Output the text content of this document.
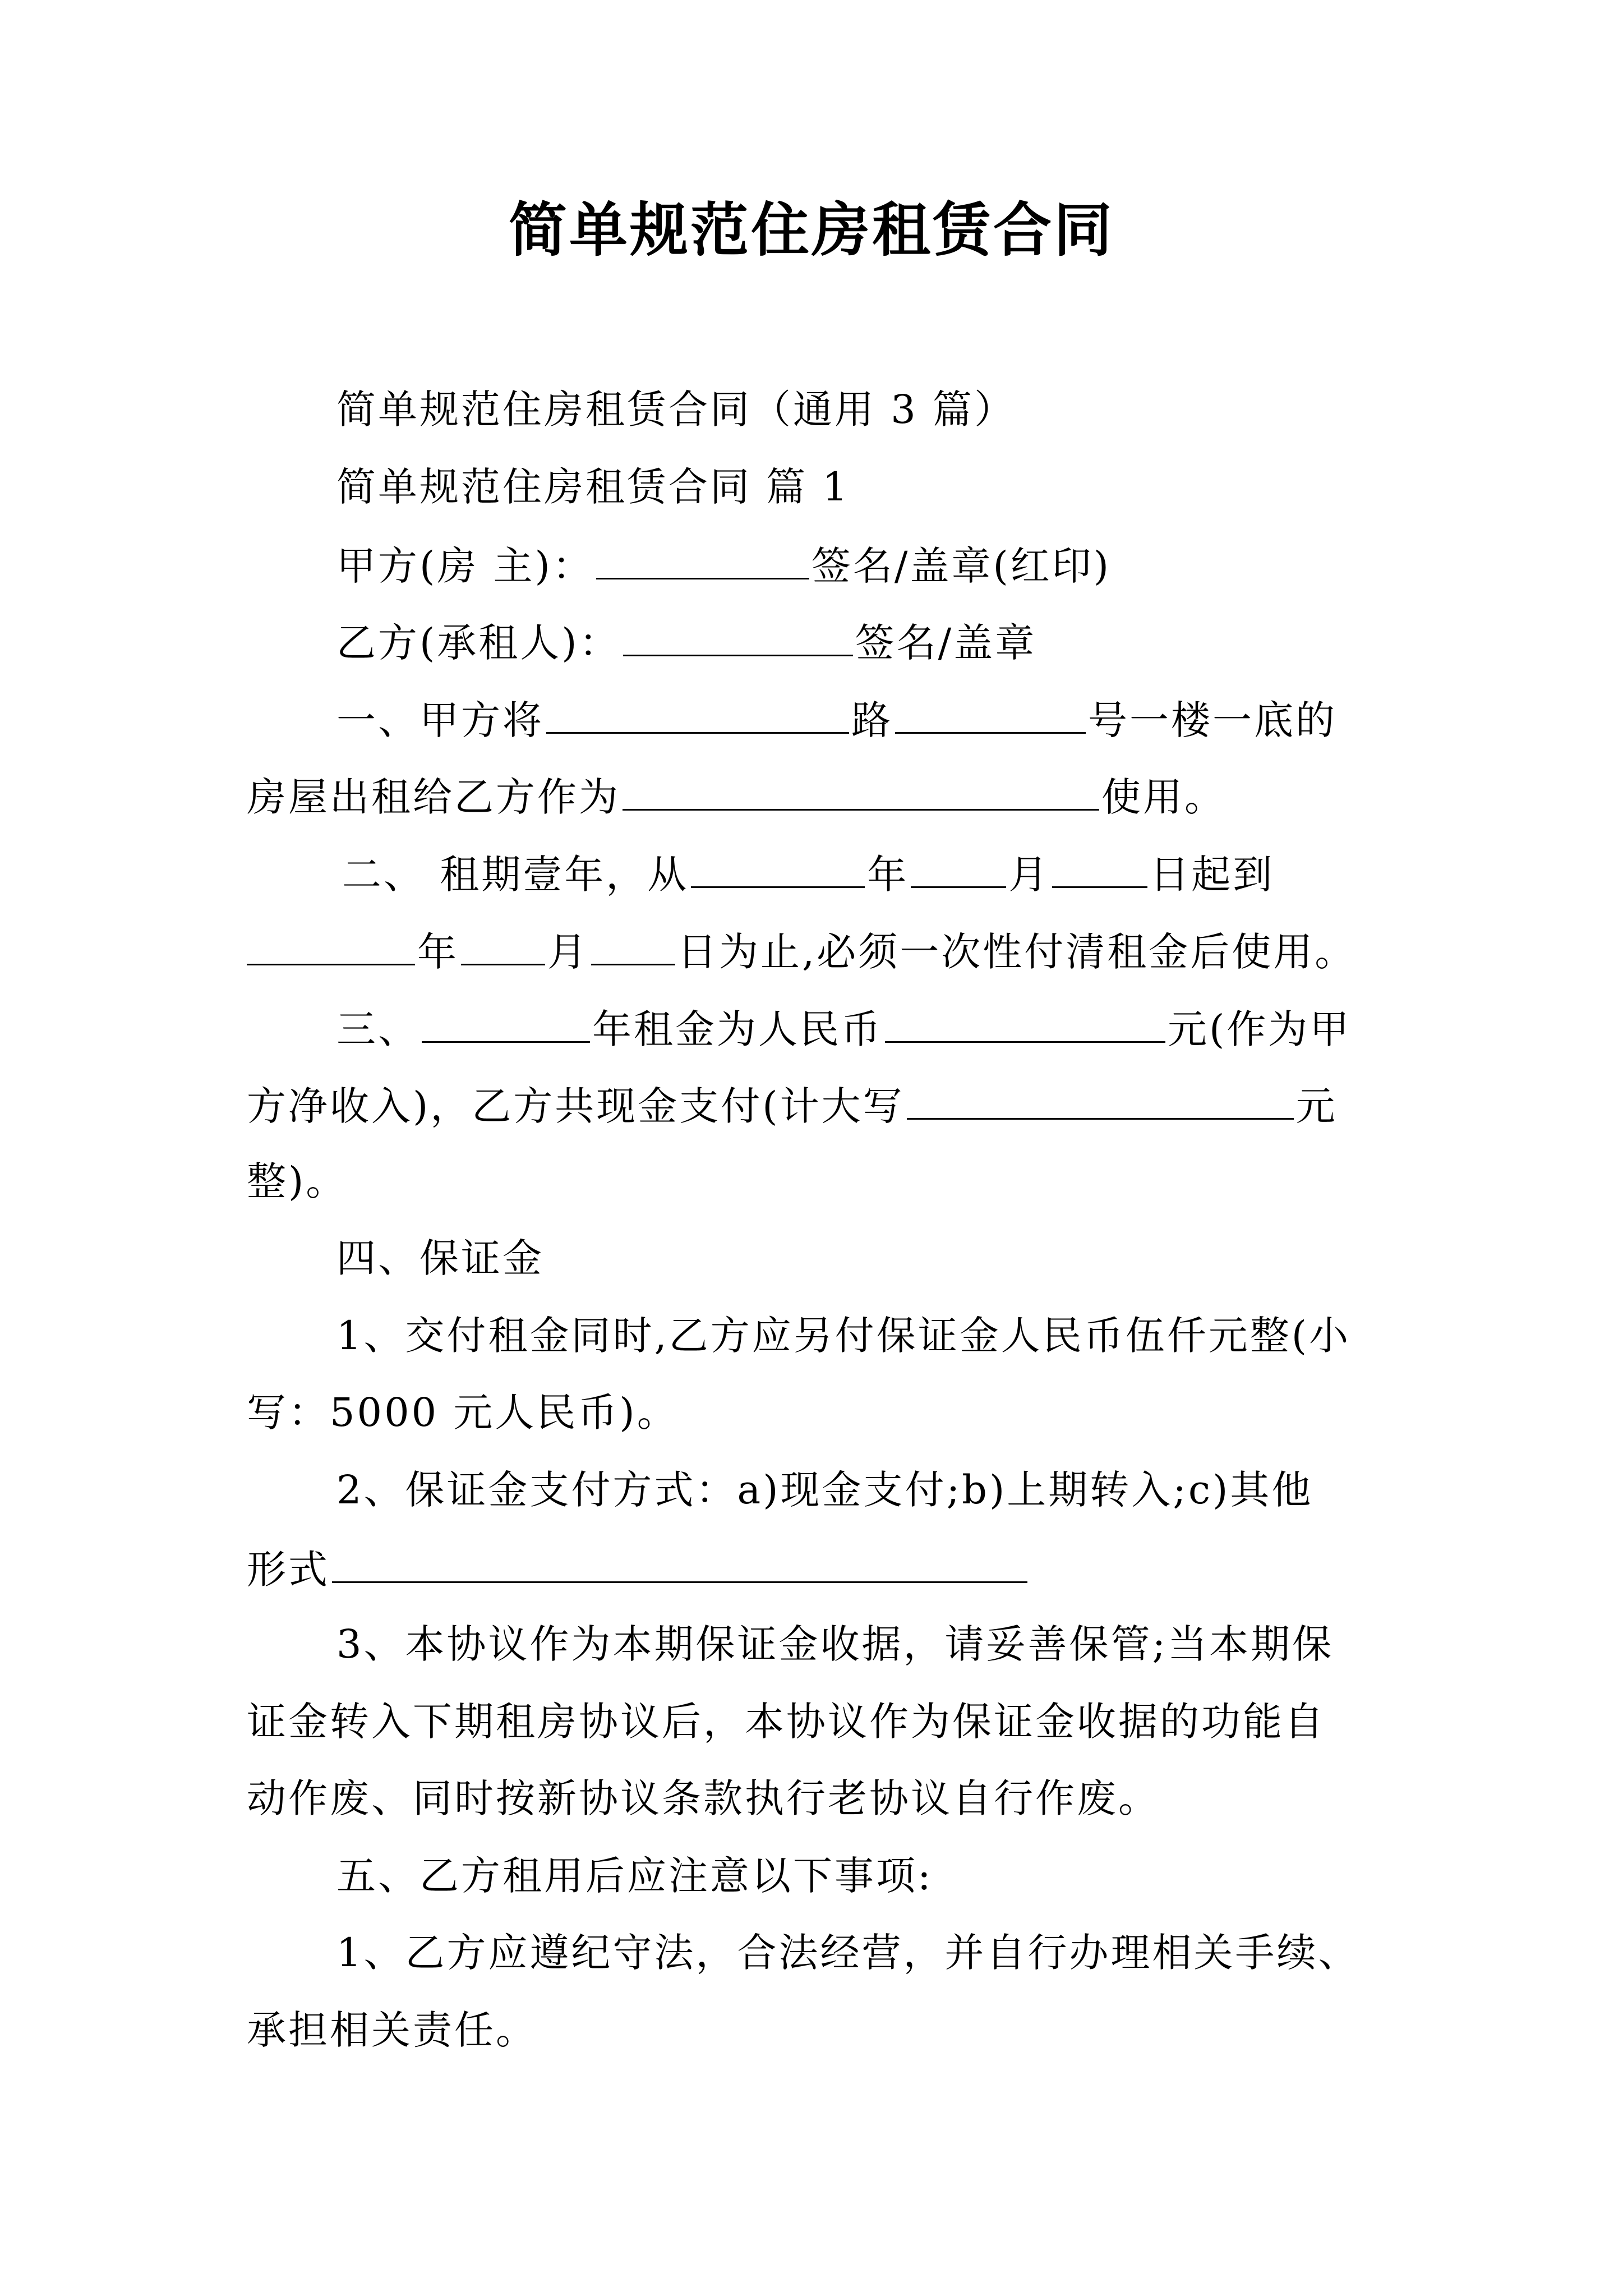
简单规范住房租赁合同
简单规范住房租赁合同（通用 3 篇）
简单规范住房租赁合同 篇 1
甲方(房 主)：	签名/盖章(红印)
乙方(承租人)：	签名/盖章
一、甲方将	路	号一楼一底的
房屋出租给乙方作为	使用。
二、 租期壹年，从	年	月	日起到
年 月 日为止,必须一次性付清租金后使用。
三、	年租金为人民币	元(作为甲
方净收入)，乙方共现金支付(计大写	元
整)。
四、保证金
1、交付租金同时,乙方应另付保证金人民币伍仟元整(小
写：5000 元人民币)。
2、保证金支付方式：a)现金支付;b)上期转入;c)其他
形式
3、本协议作为本期保证金收据，请妥善保管;当本期保
证金转入下期租房协议后，本协议作为保证金收据的功能自
动作废、同时按新协议条款执行老协议自行作废。
五、乙方租用后应注意以下事项:
1、乙方应遵纪守法，合法经营，并自行办理相关手续、
承担相关责任。
